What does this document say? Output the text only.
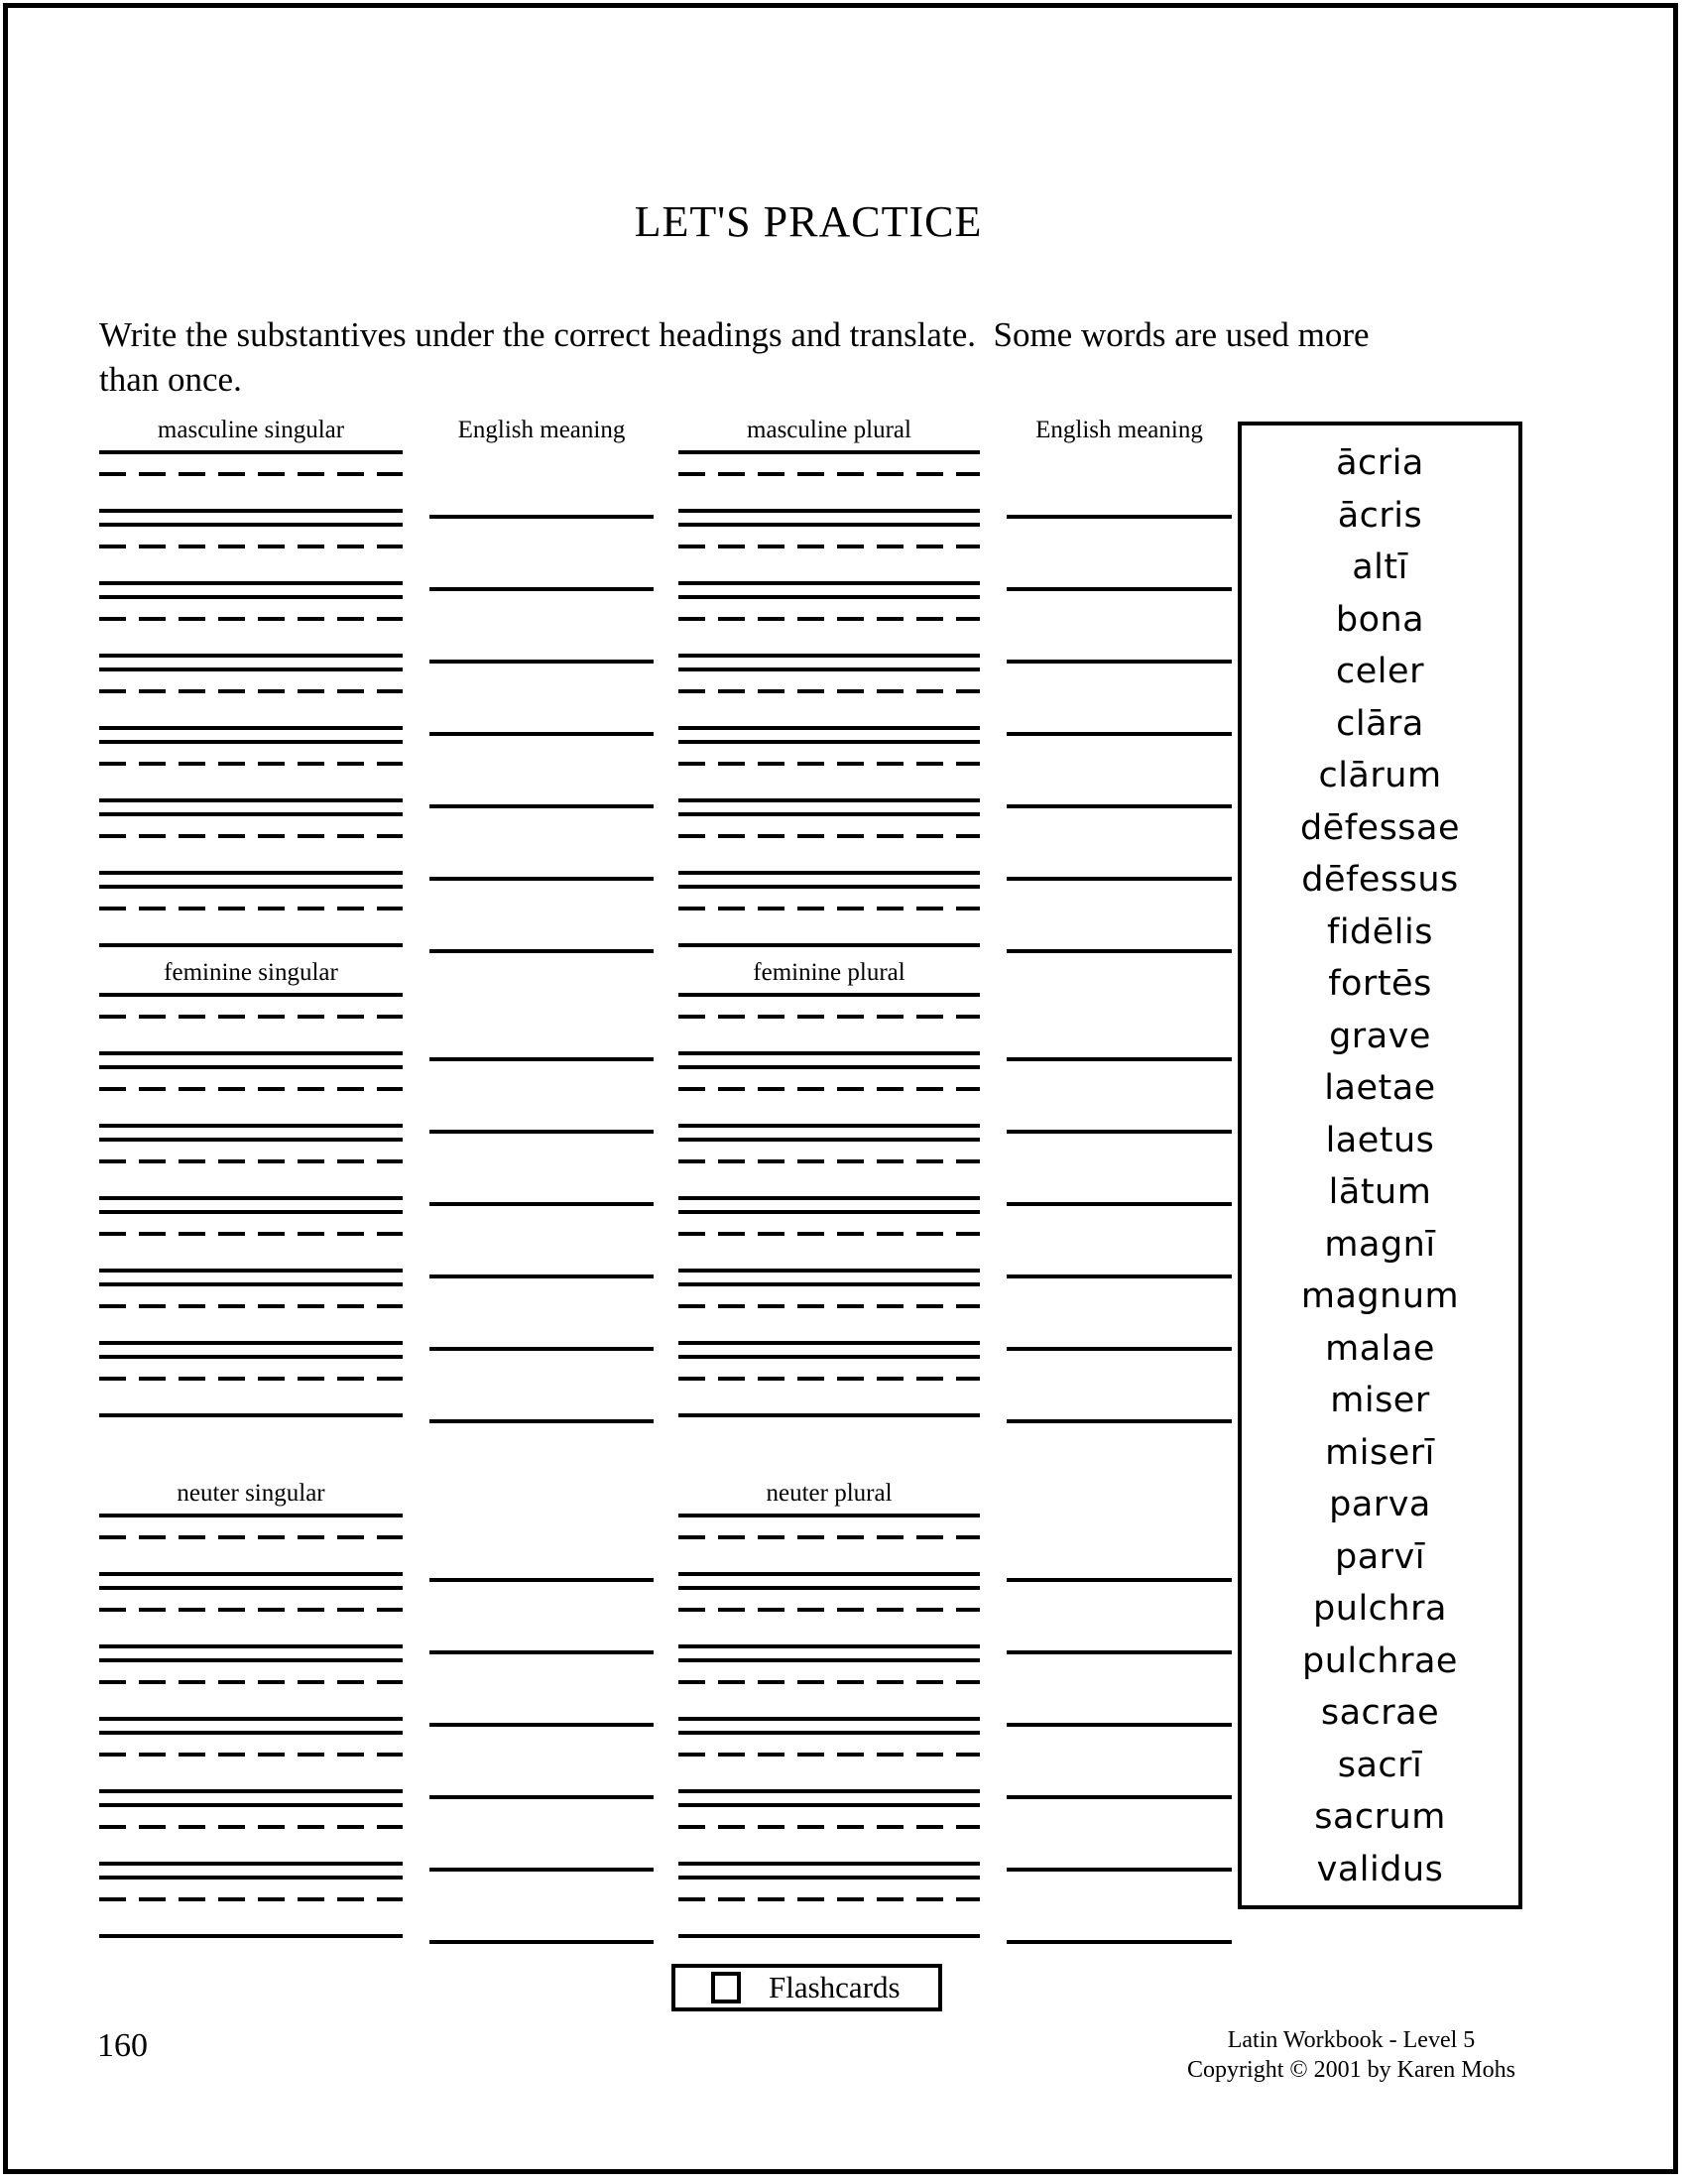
LET'S PRACTICE
Write the substantives under the correct headings and translate.  Some words are used more
than once.
masculine singular	English meaning	masculine plural	English meaning
feminine singular	feminine plural
neuter singular	neuter plural
ācria
ācris
altī
bona
celer
clāra
clārum
dēfessae
dēfessus
fidēlis
fortēs
grave
laetae
laetus
lātum
magnī
magnum
malae
miser
miserī
parva
parvī
pulchra
pulchrae
sacrae
sacrī
sacrum
validus
Flashcards
160	Latin Workbook - Level 5
Copyright © 2001 by Karen Mohs
